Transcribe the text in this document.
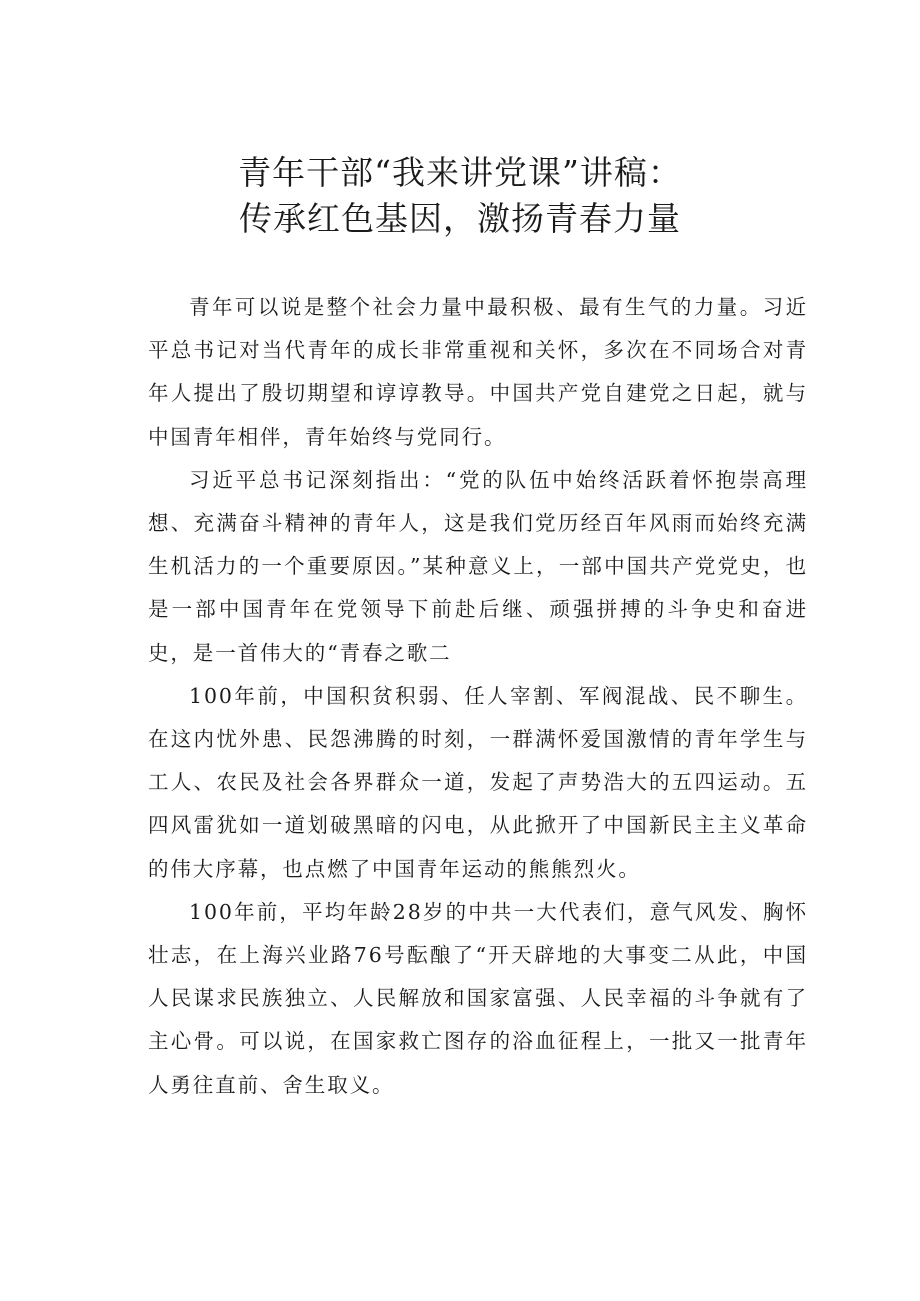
青年干部“我来讲党课”讲稿：
传承红色基因，激扬青春力量

青年可以说是整个社会力量中最积极、最有生气的力量。习近平总书记对当代青年的成长非常重视和关怀，多次在不同场合对青年人提出了殷切期望和谆谆教导。中国共产党自建党之日起，就与中国青年相伴，青年始终与党同行。

习近平总书记深刻指出：“党的队伍中始终活跃着怀抱崇高理想、充满奋斗精神的青年人，这是我们党历经百年风雨而始终充满生机活力的一个重要原因。”某种意义上，一部中国共产党党史，也是一部中国青年在党领导下前赴后继、顽强拼搏的斗争史和奋进史，是一首伟大的“青春之歌二

100年前，中国积贫积弱、任人宰割、军阀混战、民不聊生。在这内忧外患、民怨沸腾的时刻，一群满怀爱国激情的青年学生与工人、农民及社会各界群众一道，发起了声势浩大的五四运动。五四风雷犹如一道划破黑暗的闪电，从此掀开了中国新民主主义革命的伟大序幕，也点燃了中国青年运动的熊熊烈火。

100年前，平均年龄28岁的中共一大代表们，意气风发、胸怀壮志，在上海兴业路76号酝酿了“开天辟地的大事变二从此，中国人民谋求民族独立、人民解放和国家富强、人民幸福的斗争就有了主心骨。可以说，在国家救亡图存的浴血征程上，一批又一批青年人勇往直前、舍生取义。
